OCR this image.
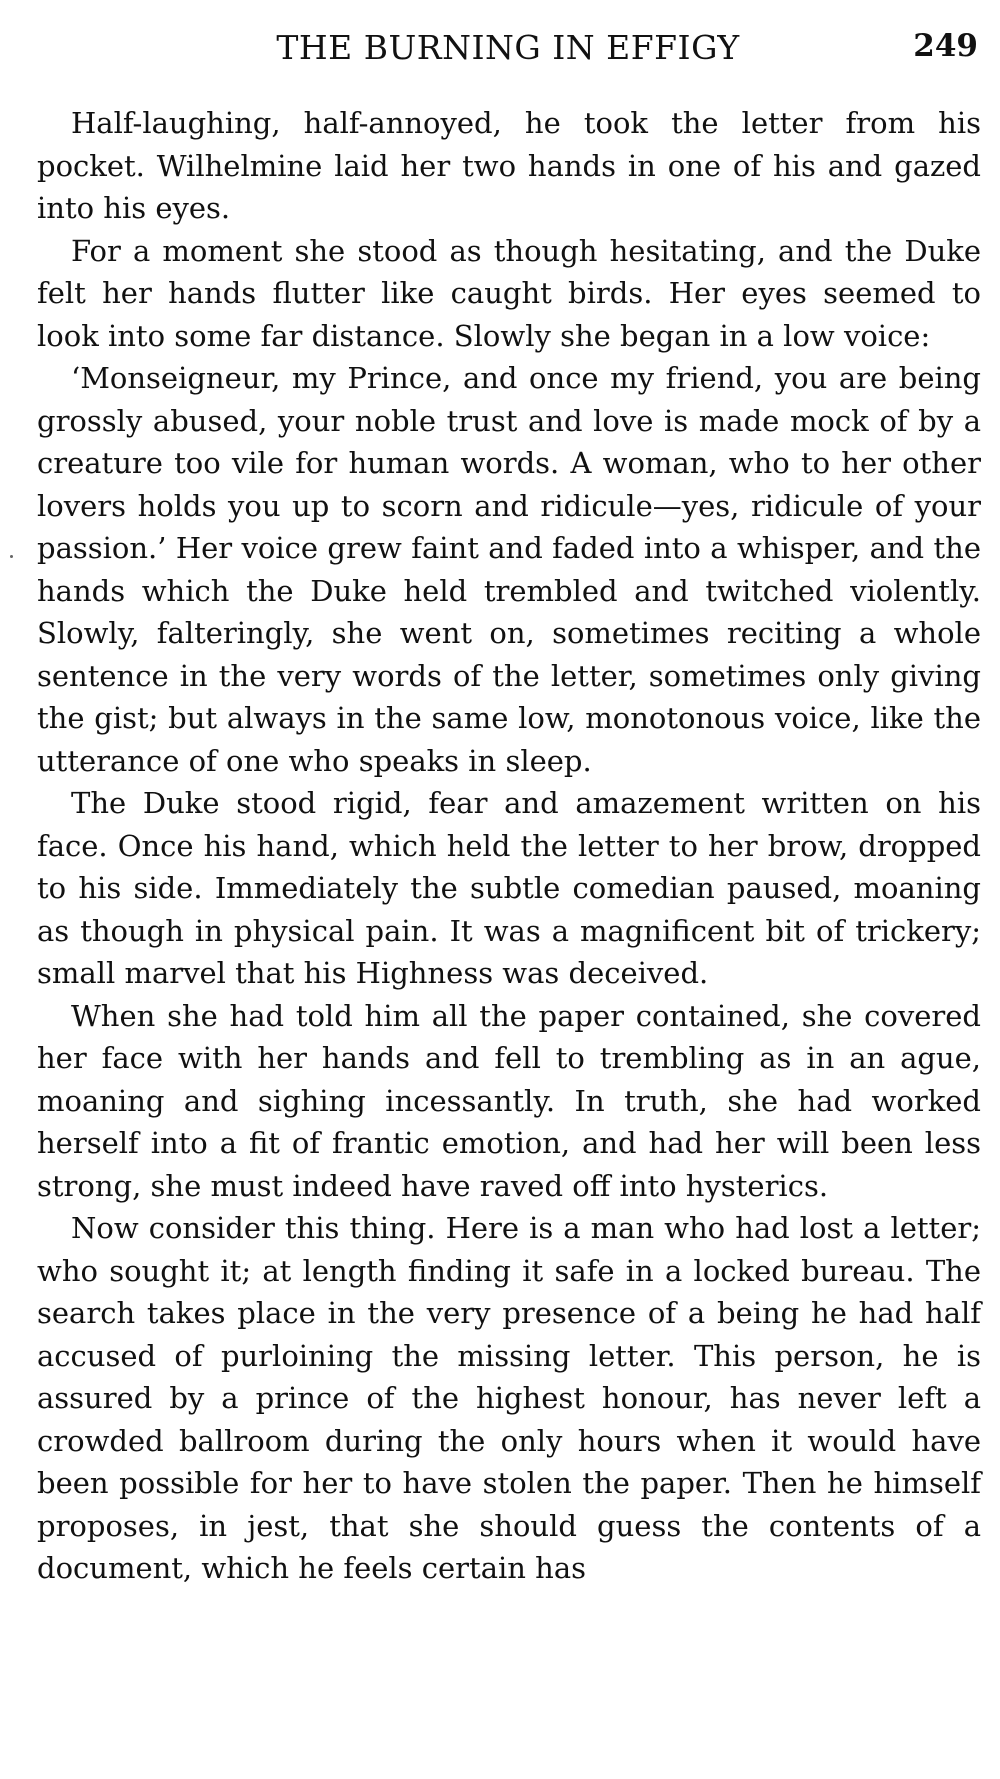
THE BURNING IN EFFIGY	249

Half-laughing, half-annoyed, he took the letter from his pocket. Wilhelmine laid her two hands in one of his and gazed into his eyes.

For a moment she stood as though hesitating, and the Duke felt her hands flutter like caught birds. Her eyes seemed to look into some far distance. Slowly she began in a low voice:

‘Monseigneur, my Prince, and once my friend, you are being grossly abused, your noble trust and love is made mock of by a creature too vile for human words. A woman, who to her other lovers holds you up to scorn and ridicule—yes, ridicule of your passion.’ Her voice grew faint and faded into a whisper, and the hands which the Duke held trembled and twitched violently. Slowly, falteringly, she went on, sometimes reciting a whole sentence in the very words of the letter, sometimes only giving the gist; but always in the same low, monotonous voice, like the utterance of one who speaks in sleep.

The Duke stood rigid, fear and amazement written on his face. Once his hand, which held the letter to her brow, dropped to his side. Immediately the subtle comedian paused, moaning as though in physical pain. It was a magnificent bit of trickery; small marvel that his Highness was deceived.

When she had told him all the paper contained, she covered her face with her hands and fell to trembling as in an ague, moaning and sighing incessantly. In truth, she had worked herself into a fit of frantic emotion, and had her will been less strong, she must indeed have raved off into hysterics.

Now consider this thing. Here is a man who had lost a letter; who sought it; at length finding it safe in a locked bureau. The search takes place in the very presence of a being he had half accused of purloining the missing letter. This person, he is assured by a prince of the highest honour, has never left a crowded ballroom during the only hours when it would have been possible for her to have stolen the paper. Then he himself proposes, in jest, that she should guess the contents of a document, which he feels certain has
